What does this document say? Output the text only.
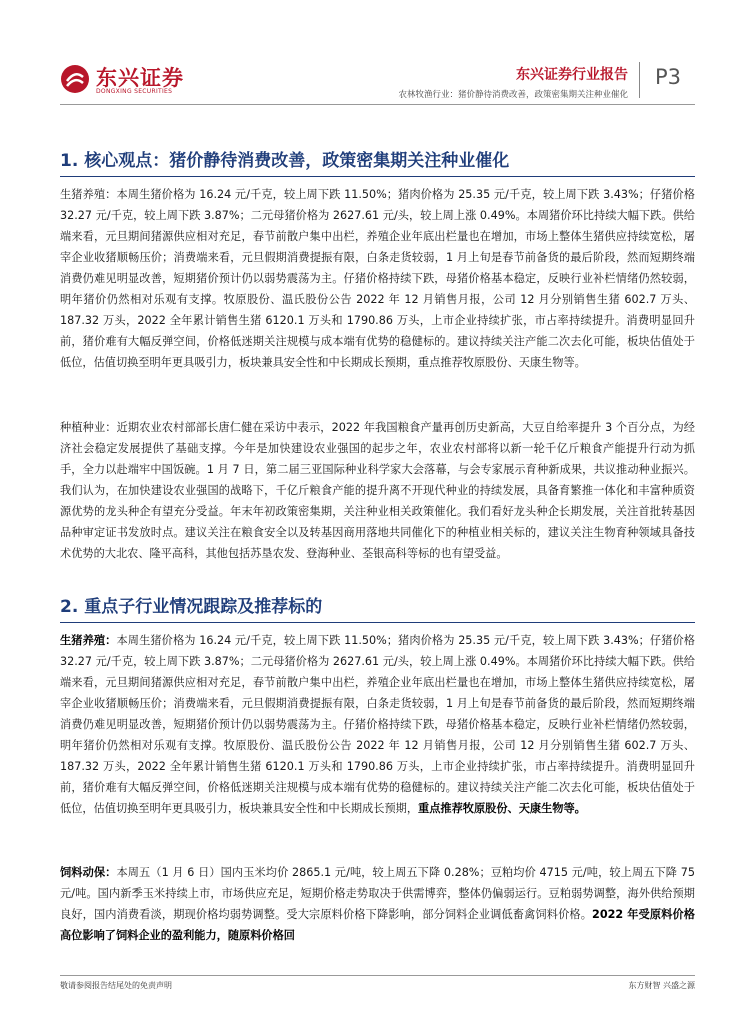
东兴证券
DONGXING SECURITIES
东兴证券行业报告
农林牧渔行业：猪价静待消费改善，政策密集期关注种业催化
P3
1. 核心观点：猪价静待消费改善，政策密集期关注种业催化
生猪养殖：本周生猪价格为 16.24 元/千克，较上周下跌 11.50%；猪肉价格为 25.35 元/千克，较上周下跌 3.43%；仔猪价格 32.27 元/千克，较上周下跌 3.87%；二元母猪价格为 2627.61 元/头，较上周上涨 0.49%。本周猪价环比持续大幅下跌。供给端来看，元旦期间猪源供应相对充足，春节前散户集中出栏，养殖企业年底出栏量也在增加，市场上整体生猪供应持续宽松，屠宰企业收猪顺畅压价；消费端来看，元旦假期消费提振有限，白条走货较弱，1 月上旬是春节前备货的最后阶段，然而短期终端消费仍难见明显改善，短期猪价预计仍以弱势震荡为主。仔猪价格持续下跌，母猪价格基本稳定，反映行业补栏情绪仍然较弱，明年猪价仍然相对乐观有支撑。牧原股份、温氏股份公告 2022 年 12 月销售月报，公司 12 月分别销售生猪 602.7 万头、187.32 万头，2022 全年累计销售生猪 6120.1 万头和 1790.86 万头，上市企业持续扩张，市占率持续提升。消费明显回升前，猪价难有大幅反弹空间，价格低迷期关注规模与成本端有优势的稳健标的。建议持续关注产能二次去化可能，板块估值处于低位，估值切换至明年更具吸引力，板块兼具安全性和中长期成长预期，重点推荐牧原股份、天康生物等。
种植种业：近期农业农村部部长唐仁健在采访中表示，2022 年我国粮食产量再创历史新高，大豆自给率提升 3 个百分点，为经济社会稳定发展提供了基础支撑。今年是加快建设农业强国的起步之年，农业农村部将以新一轮千亿斤粮食产能提升行动为抓手，全力以赴端牢中国饭碗。1 月 7 日，第二届三亚国际种业科学家大会落幕，与会专家展示育种新成果，共议推动种业振兴。我们认为，在加快建设农业强国的战略下，千亿斤粮食产能的提升离不开现代种业的持续发展，具备育繁推一体化和丰富种质资源优势的龙头种企有望充分受益。年末年初政策密集期，关注种业相关政策催化。我们看好龙头种企长期发展，关注首批转基因品种审定证书发放时点。建议关注在粮食安全以及转基因商用落地共同催化下的种植业相关标的，建议关注生物育种领域具备技术优势的大北农、隆平高科，其他包括苏垦农发、登海种业、荃银高科等标的也有望受益。
2. 重点子行业情况跟踪及推荐标的
生猪养殖：本周生猪价格为 16.24 元/千克，较上周下跌 11.50%；猪肉价格为 25.35 元/千克，较上周下跌 3.43%；仔猪价格 32.27 元/千克，较上周下跌 3.87%；二元母猪价格为 2627.61 元/头，较上周上涨 0.49%。本周猪价环比持续大幅下跌。供给端来看，元旦期间猪源供应相对充足，春节前散户集中出栏，养殖企业年底出栏量也在增加，市场上整体生猪供应持续宽松，屠宰企业收猪顺畅压价；消费端来看，元旦假期消费提振有限，白条走货较弱，1 月上旬是春节前备货的最后阶段，然而短期终端消费仍难见明显改善，短期猪价预计仍以弱势震荡为主。仔猪价格持续下跌，母猪价格基本稳定，反映行业补栏情绪仍然较弱，明年猪价仍然相对乐观有支撑。牧原股份、温氏股份公告 2022 年 12 月销售月报，公司 12 月分别销售生猪 602.7 万头、187.32 万头，2022 全年累计销售生猪 6120.1 万头和 1790.86 万头，上市企业持续扩张，市占率持续提升。消费明显回升前，猪价难有大幅反弹空间，价格低迷期关注规模与成本端有优势的稳健标的。建议持续关注产能二次去化可能，板块估值处于低位，估值切换至明年更具吸引力，板块兼具安全性和中长期成长预期，重点推荐牧原股份、天康生物等。
饲料动保：本周五（1 月 6 日）国内玉米均价 2865.1 元/吨，较上周五下降 0.28%；豆粕均价 4715 元/吨，较上周五下降 75 元/吨。国内新季玉米持续上市，市场供应充足，短期价格走势取决于供需博弈，整体仍偏弱运行。豆粕弱势调整，海外供给预期良好，国内消费看淡，期现价格均弱势调整。受大宗原料价格下降影响，部分饲料企业调低畜禽饲料价格。2022 年受原料价格高位影响了饲料企业的盈利能力，随原料价格回
敬请参阅报告结尾处的免责声明	东方财智 兴盛之源
